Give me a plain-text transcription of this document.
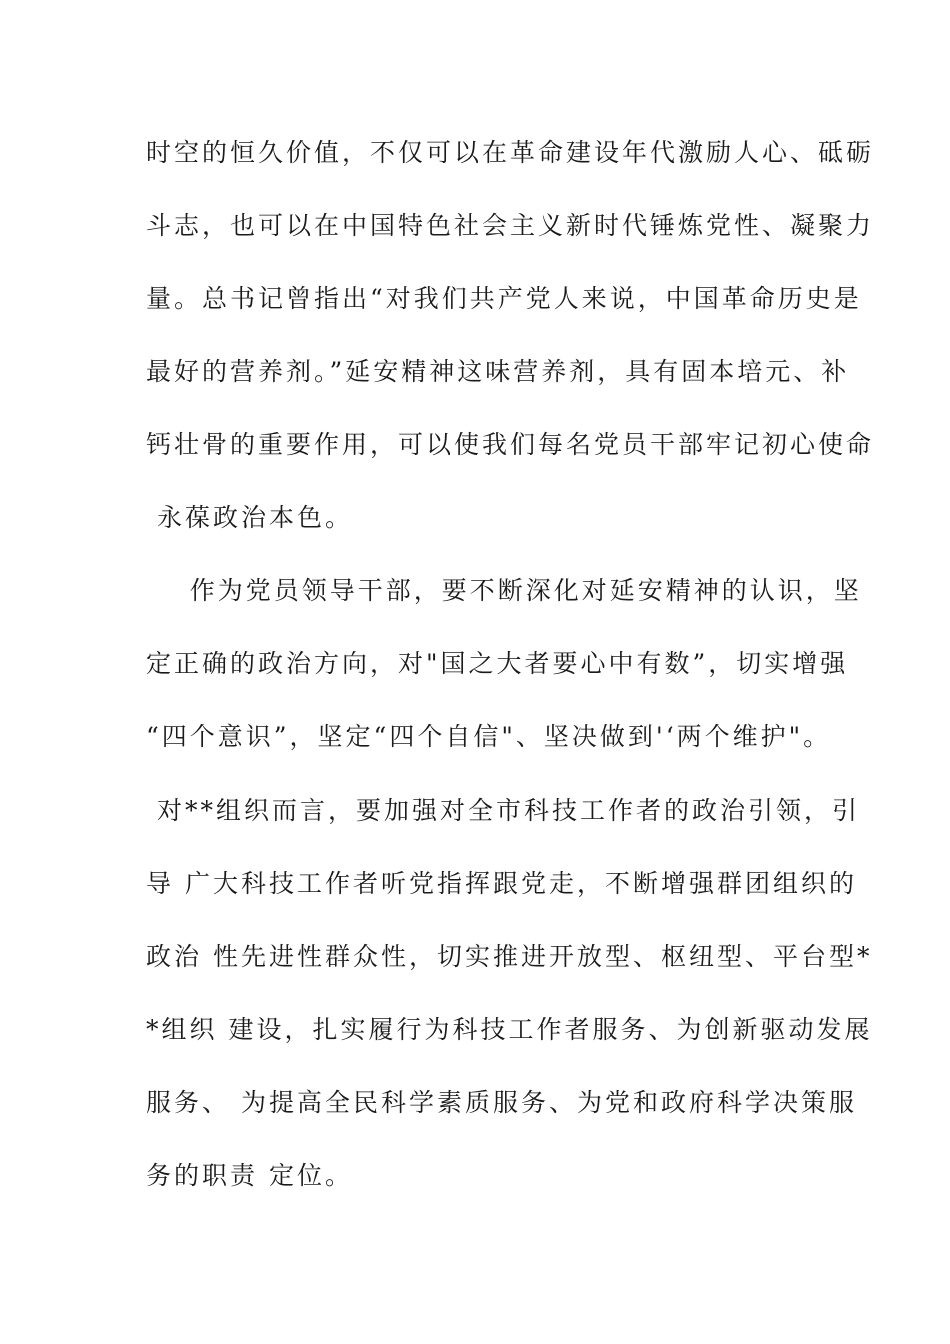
时空的恒久价值，不仅可以在革命建设年代激励人心、砥砺
斗志，也可以在中国特色社会主义新时代锤炼党性、凝聚力
量。总书记曾指出“对我们共产党人来说，中国革命历史是
最好的营养剂。”延安精神这味营养剂，具有固本培元、补
钙壮骨的重要作用，可以使我们每名党员干部牢记初心使命
永葆政治本色。
作为党员领导干部，要不断深化对延安精神的认识，坚
定正确的政治方向，对"国之大者要心中有数”，切实增强
“四个意识”，坚定“四个自信"、坚决做到'‘两个维护"。
对**组织而言，要加强对全市科技工作者的政治引领，引
导 广大科技工作者听党指挥跟党走，不断增强群团组织的
政治 性先进性群众性，切实推进开放型、枢纽型、平台型*
*组织 建设，扎实履行为科技工作者服务、为创新驱动发展
服务、 为提高全民科学素质服务、为党和政府科学决策服
务的职责 定位。
